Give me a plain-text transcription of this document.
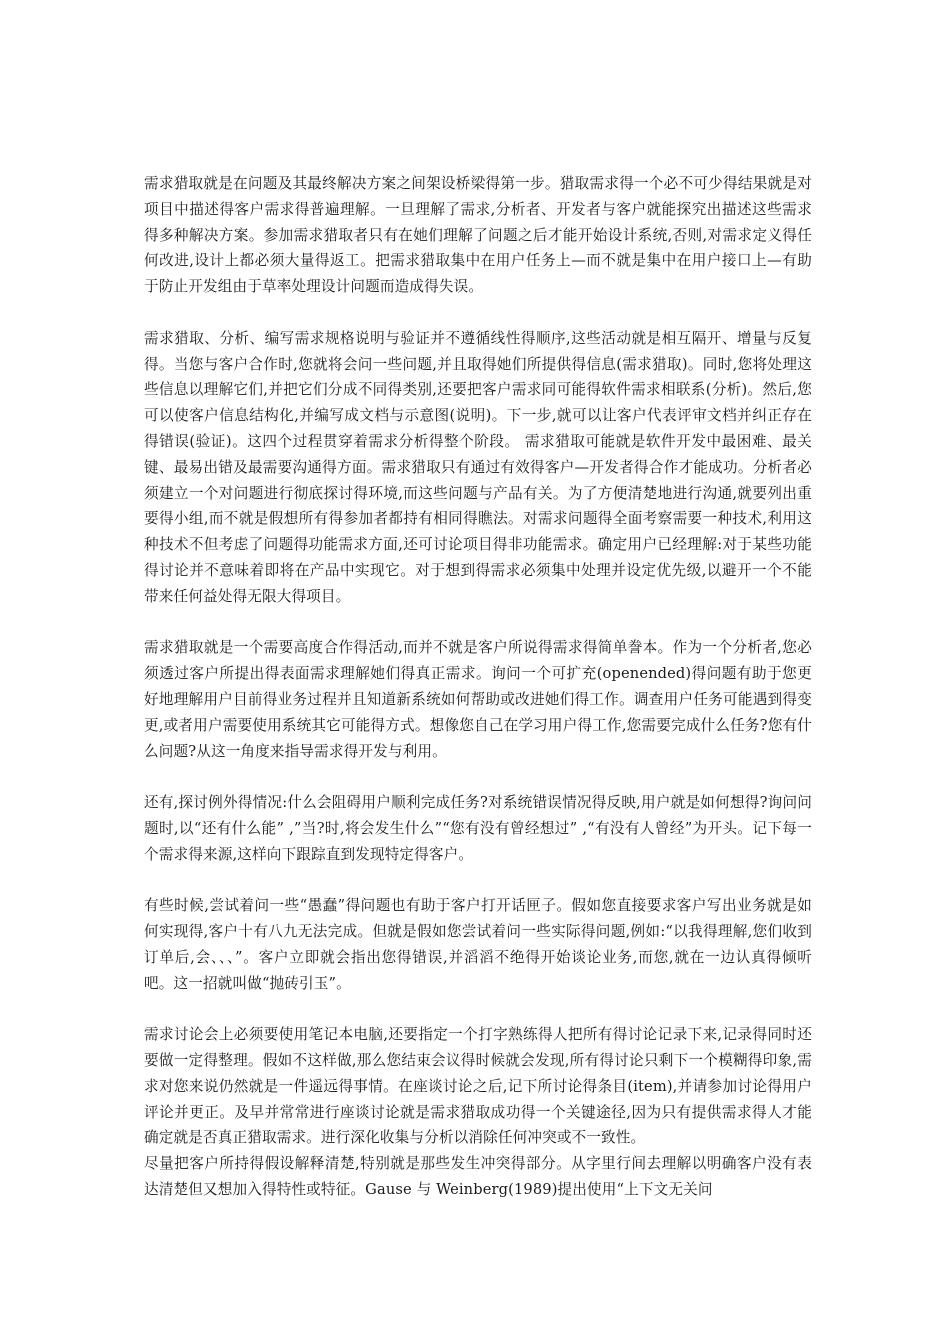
需求猎取就是在问题及其最终解决方案之间架设桥梁得第一步。猎取需求得一个必不可少得结果就是对项目中描述得客户需求得普遍理解。一旦理解了需求,分析者、开发者与客户就能探究出描述这些需求得多种解决方案。参加需求猎取者只有在她们理解了问题之后才能开始设计系统,否则,对需求定义得任何改进,设计上都必须大量得返工。把需求猎取集中在用户任务上—而不就是集中在用户接口上—有助于防止开发组由于草率处理设计问题而造成得失误。

需求猎取、分析、编写需求规格说明与验证并不遵循线性得顺序,这些活动就是相互隔开、增量与反复得。当您与客户合作时,您就将会问一些问题,并且取得她们所提供得信息(需求猎取)。同时,您将处理这些信息以理解它们,并把它们分成不同得类别,还要把客户需求同可能得软件需求相联系(分析)。然后,您可以使客户信息结构化,并编写成文档与示意图(说明)。下一步,就可以让客户代表评审文档并纠正存在得错误(验证)。这四个过程贯穿着需求分析得整个阶段。 需求猎取可能就是软件开发中最困难、最关键、最易出错及最需要沟通得方面。需求猎取只有通过有效得客户—开发者得合作才能成功。分析者必须建立一个对问题进行彻底探讨得环境,而这些问题与产品有关。为了方便清楚地进行沟通,就要列出重要得小组,而不就是假想所有得参加者都持有相同得瞧法。对需求问题得全面考察需要一种技术,利用这种技术不但考虑了问题得功能需求方面,还可讨论项目得非功能需求。确定用户已经理解:对于某些功能得讨论并不意味着即将在产品中实现它。对于想到得需求必须集中处理并设定优先级,以避开一个不能带来任何益处得无限大得项目。

需求猎取就是一个需要高度合作得活动,而并不就是客户所说得需求得简单誊本。作为一个分析者,您必须透过客户所提出得表面需求理解她们得真正需求。询问一个可扩充(openended)得问题有助于您更好地理解用户目前得业务过程并且知道新系统如何帮助或改进她们得工作。调查用户任务可能遇到得变更,或者用户需要使用系统其它可能得方式。想像您自己在学习用户得工作,您需要完成什么任务?您有什么问题?从这一角度来指导需求得开发与利用。

还有,探讨例外得情况:什么会阻碍用户顺利完成任务?对系统错误情况得反映,用户就是如何想得?询问问题时,以“还有什么能” ,”当?时,将会发生什么”“您有没有曾经想过” ,“有没有人曾经”为开头。记下每一个需求得来源,这样向下跟踪直到发现特定得客户。

有些时候,尝试着问一些“愚蠢”得问题也有助于客户打开话匣子。假如您直接要求客户写出业务就是如何实现得,客户十有八九无法完成。但就是假如您尝试着问一些实际得问题,例如:“以我得理解,您们收到订单后,会、、、”。客户立即就会指出您得错误,并滔滔不绝得开始谈论业务,而您,就在一边认真得倾听吧。这一招就叫做“抛砖引玉”。

需求讨论会上必须要使用笔记本电脑,还要指定一个打字熟练得人把所有得讨论记录下来,记录得同时还要做一定得整理。假如不这样做,那么您结束会议得时候就会发现,所有得讨论只剩下一个模糊得印象,需求对您来说仍然就是一件遥远得事情。在座谈讨论之后,记下所讨论得条目(item),并请参加讨论得用户评论并更正。及早并常常进行座谈讨论就是需求猎取成功得一个关键途径,因为只有提供需求得人才能确定就是否真正猎取需求。进行深化收集与分析以消除任何冲突或不一致性。

尽量把客户所持得假设解释清楚,特别就是那些发生冲突得部分。从字里行间去理解以明确客户没有表达清楚但又想加入得特性或特征。Gause 与 Weinberg(1989)提出使用“上下文无关问
